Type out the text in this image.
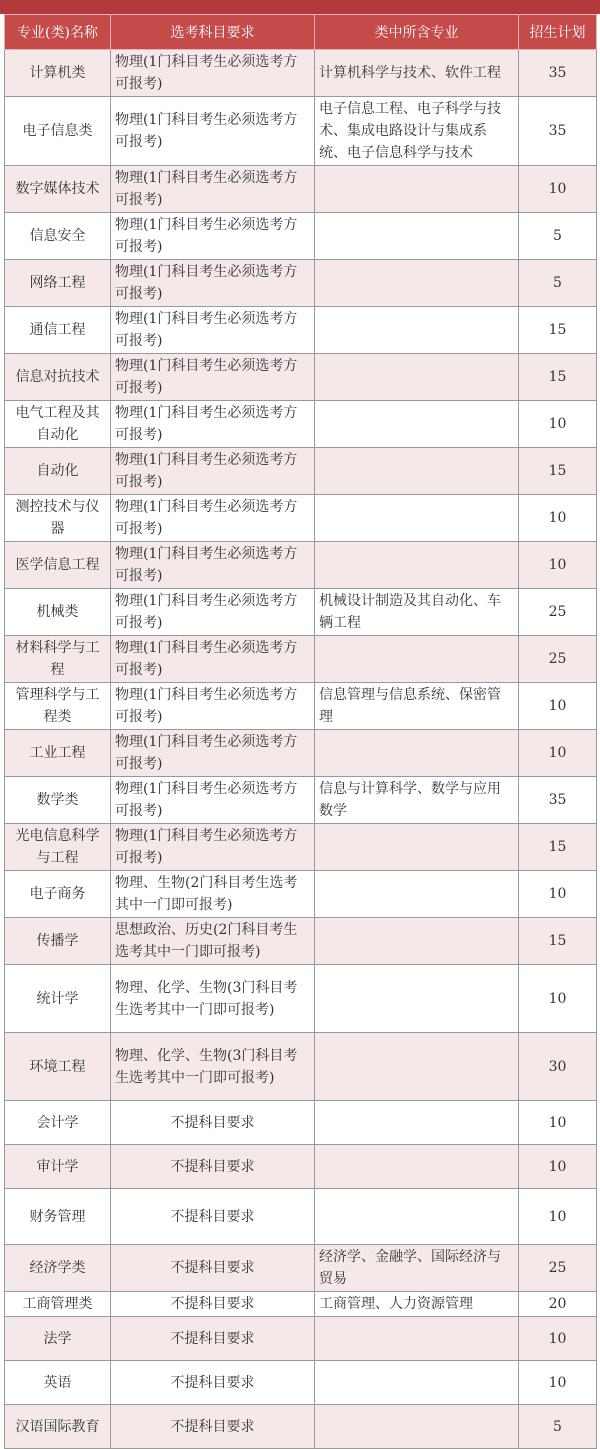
专业(类)名称	选考科目要求	类中所含专业	招生计划
计算机类	物理(1门科目考生必须选考方可报考)	计算机科学与技术、软件工程	35
电子信息类	物理(1门科目考生必须选考方可报考)	电子信息工程、电子科学与技术、集成电路设计与集成系统、电子信息科学与技术	35
数字媒体技术	物理(1门科目考生必须选考方可报考)		10
信息安全	物理(1门科目考生必须选考方可报考)		5
网络工程	物理(1门科目考生必须选考方可报考)		5
通信工程	物理(1门科目考生必须选考方可报考)		15
信息对抗技术	物理(1门科目考生必须选考方可报考)		15
电气工程及其自动化	物理(1门科目考生必须选考方可报考)		10
自动化	物理(1门科目考生必须选考方可报考)		15
测控技术与仪器	物理(1门科目考生必须选考方可报考)		10
医学信息工程	物理(1门科目考生必须选考方可报考)		10
机械类	物理(1门科目考生必须选考方可报考)	机械设计制造及其自动化、车辆工程	25
材料科学与工程	物理(1门科目考生必须选考方可报考)		25
管理科学与工程类	物理(1门科目考生必须选考方可报考)	信息管理与信息系统、保密管理	10
工业工程	物理(1门科目考生必须选考方可报考)		10
数学类	物理(1门科目考生必须选考方可报考)	信息与计算科学、数学与应用数学	35
光电信息科学与工程	物理(1门科目考生必须选考方可报考)		15
电子商务	物理、生物(2门科目考生选考其中一门即可报考)		10
传播学	思想政治、历史(2门科目考生选考其中一门即可报考)		15
统计学	物理、化学、生物(3门科目考生选考其中一门即可报考)		10
环境工程	物理、化学、生物(3门科目考生选考其中一门即可报考)		30
会计学	不提科目要求		10
审计学	不提科目要求		10
财务管理	不提科目要求		10
经济学类	不提科目要求	经济学、金融学、国际经济与贸易	25
工商管理类	不提科目要求	工商管理、人力资源管理	20
法学	不提科目要求		10
英语	不提科目要求		10
汉语国际教育	不提科目要求		5
